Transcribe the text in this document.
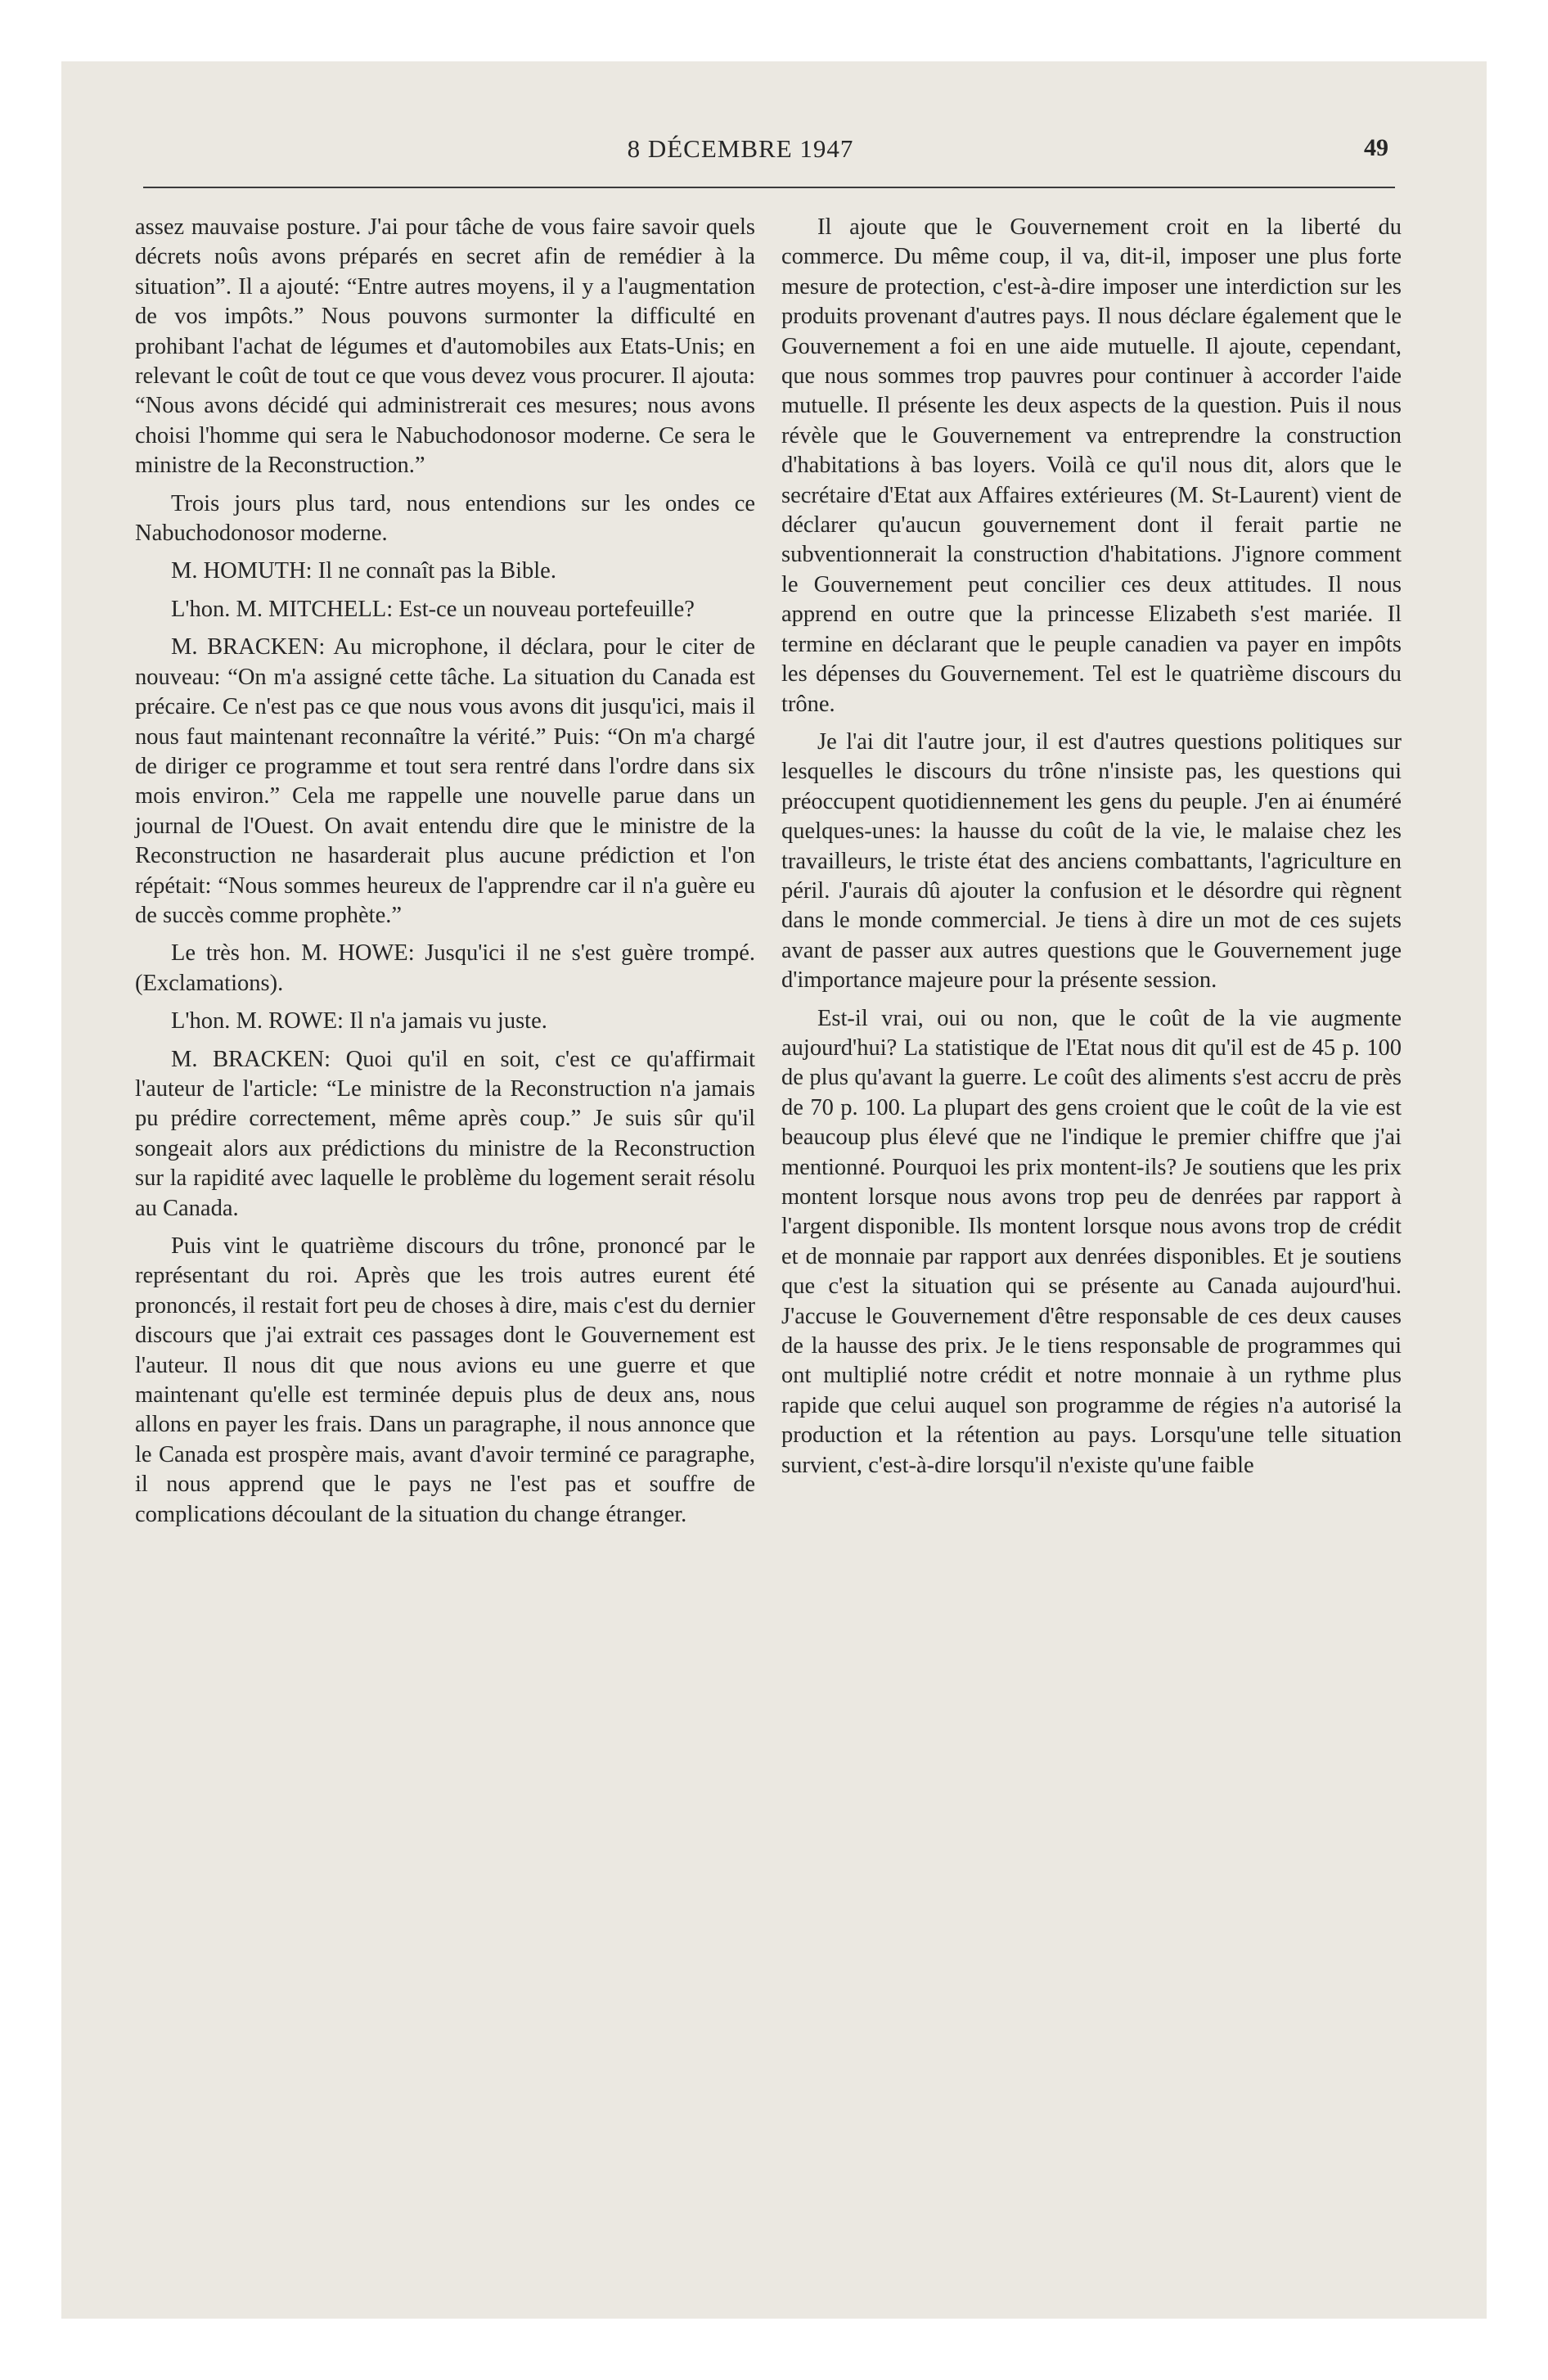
8 DÉCEMBRE 1947	49

assez mauvaise posture. J'ai pour tâche de vous faire savoir quels décrets noûs avons préparés en secret afin de remédier à la situation”. Il a ajouté: “Entre autres moyens, il y a l'augmentation de vos impôts.” Nous pouvons surmonter la difficulté en prohibant l'achat de légumes et d'automobiles aux Etats-Unis; en relevant le coût de tout ce que vous devez vous procurer. Il ajouta: “Nous avons décidé qui administrerait ces mesures; nous avons choisi l'homme qui sera le Nabuchodonosor moderne. Ce sera le ministre de la Reconstruction.”

Trois jours plus tard, nous entendions sur les ondes ce Nabuchodonosor moderne.

M. HOMUTH: Il ne connaît pas la Bible.

L'hon. M. MITCHELL: Est-ce un nouveau portefeuille?

M. BRACKEN: Au microphone, il déclara, pour le citer de nouveau: “On m'a assigné cette tâche. La situation du Canada est précaire. Ce n'est pas ce que nous vous avons dit jusqu'ici, mais il nous faut maintenant reconnaître la vérité.” Puis: “On m'a chargé de diriger ce programme et tout sera rentré dans l'ordre dans six mois environ.” Cela me rappelle une nouvelle parue dans un journal de l'Ouest. On avait entendu dire que le ministre de la Reconstruction ne hasarderait plus aucune prédiction et l'on répétait: “Nous sommes heureux de l'apprendre car il n'a guère eu de succès comme prophète.”

Le très hon. M. HOWE: Jusqu'ici il ne s'est guère trompé. (Exclamations).

L'hon. M. ROWE: Il n'a jamais vu juste.

M. BRACKEN: Quoi qu'il en soit, c'est ce qu'affirmait l'auteur de l'article: “Le ministre de la Reconstruction n'a jamais pu prédire correctement, même après coup.” Je suis sûr qu'il songeait alors aux prédictions du ministre de la Reconstruction sur la rapidité avec laquelle le problème du logement serait résolu au Canada.

Puis vint le quatrième discours du trône, prononcé par le représentant du roi. Après que les trois autres eurent été prononcés, il restait fort peu de choses à dire, mais c'est du dernier discours que j'ai extrait ces passages dont le Gouvernement est l'auteur. Il nous dit que nous avions eu une guerre et que maintenant qu'elle est terminée depuis plus de deux ans, nous allons en payer les frais. Dans un paragraphe, il nous annonce que le Canada est prospère mais, avant d'avoir terminé ce paragraphe, il nous apprend que le pays ne l'est pas et souffre de complications découlant de la situation du change étranger.

Il ajoute que le Gouvernement croit en la liberté du commerce. Du même coup, il va, dit-il, imposer une plus forte mesure de protection, c'est-à-dire imposer une interdiction sur les produits provenant d'autres pays. Il nous déclare également que le Gouvernement a foi en une aide mutuelle. Il ajoute, cependant, que nous sommes trop pauvres pour continuer à accorder l'aide mutuelle. Il présente les deux aspects de la question. Puis il nous révèle que le Gouvernement va entreprendre la construction d'habitations à bas loyers. Voilà ce qu'il nous dit, alors que le secrétaire d'Etat aux Affaires extérieures (M. St-Laurent) vient de déclarer qu'aucun gouvernement dont il ferait partie ne subventionnerait la construction d'habitations. J'ignore comment le Gouvernement peut concilier ces deux attitudes. Il nous apprend en outre que la princesse Elizabeth s'est mariée. Il termine en déclarant que le peuple canadien va payer en impôts les dépenses du Gouvernement. Tel est le quatrième discours du trône.

Je l'ai dit l'autre jour, il est d'autres questions politiques sur lesquelles le discours du trône n'insiste pas, les questions qui préoccupent quotidiennement les gens du peuple. J'en ai énuméré quelques-unes: la hausse du coût de la vie, le malaise chez les travailleurs, le triste état des anciens combattants, l'agriculture en péril. J'aurais dû ajouter la confusion et le désordre qui règnent dans le monde commercial. Je tiens à dire un mot de ces sujets avant de passer aux autres questions que le Gouvernement juge d'importance majeure pour la présente session.

Est-il vrai, oui ou non, que le coût de la vie augmente aujourd'hui? La statistique de l'Etat nous dit qu'il est de 45 p. 100 de plus qu'avant la guerre. Le coût des aliments s'est accru de près de 70 p. 100. La plupart des gens croient que le coût de la vie est beaucoup plus élevé que ne l'indique le premier chiffre que j'ai mentionné. Pourquoi les prix montent-ils? Je soutiens que les prix montent lorsque nous avons trop peu de denrées par rapport à l'argent disponible. Ils montent lorsque nous avons trop de crédit et de monnaie par rapport aux denrées disponibles. Et je soutiens que c'est la situation qui se présente au Canada aujourd'hui. J'accuse le Gouvernement d'être responsable de ces deux causes de la hausse des prix. Je le tiens responsable de programmes qui ont multiplié notre crédit et notre monnaie à un rythme plus rapide que celui auquel son programme de régies n'a autorisé la production et la rétention au pays. Lorsqu'une telle situation survient, c'est-à-dire lorsqu'il n'existe qu'une faible
